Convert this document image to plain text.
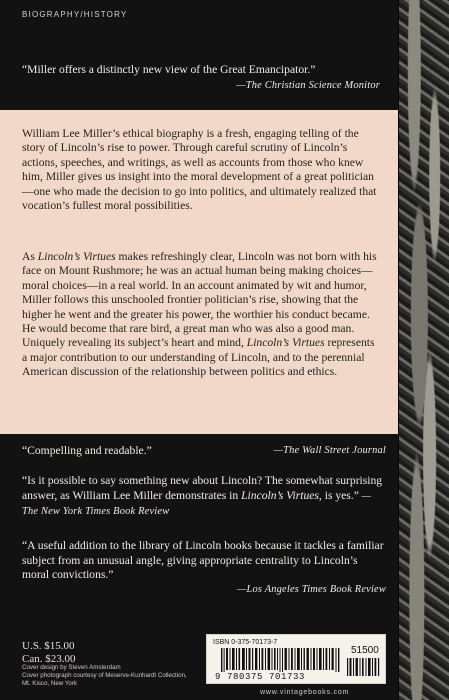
BIOGRAPHY/HISTORY
“Miller offers a distinctly new view of the Great Emancipator.”
—The Christian Science Monitor

William Lee Miller’s ethical biography is a fresh, engaging telling of the story of Lincoln’s rise to power. Through careful scrutiny of Lincoln’s actions, speeches, and writings, as well as accounts from those who knew him, Miller gives us insight into the moral development of a great politician—one who made the decision to go into politics, and ultimately realized that vocation’s fullest moral possibilities.

As Lincoln’s Virtues makes refreshingly clear, Lincoln was not born with his face on Mount Rushmore; he was an actual human being making choices—moral choices—in a real world. In an account animated by wit and humor, Miller follows this unschooled frontier politician’s rise, showing that the higher he went and the greater his power, the worthier his conduct became. He would become that rare bird, a great man who was also a good man. Uniquely revealing its subject’s heart and mind, Lincoln’s Virtues represents a major contribution to our understanding of Lincoln, and to the perennial American discussion of the relationship between politics and ethics.

“Compelling and readable.”	—The Wall Street Journal
“Is it possible to say something new about Lincoln? The somewhat surprising answer, as William Lee Miller demonstrates in Lincoln’s Virtues, is yes.” —The New York Times Book Review
“A useful addition to the library of Lincoln books because it tackles a familiar subject from an unusual angle, giving appropriate centrality to Lincoln’s moral convictions.”
—Los Angeles Times Book Review
U.S. $15.00
Can. $23.00
Cover design by Steven Amsterdam
Cover photograph courtesy of Meserve-Kunhardt Collection, Mt. Kisco, New York
ISBN 0-375-70173-7
9 780375 701733
51500
www.vintagebooks.com
